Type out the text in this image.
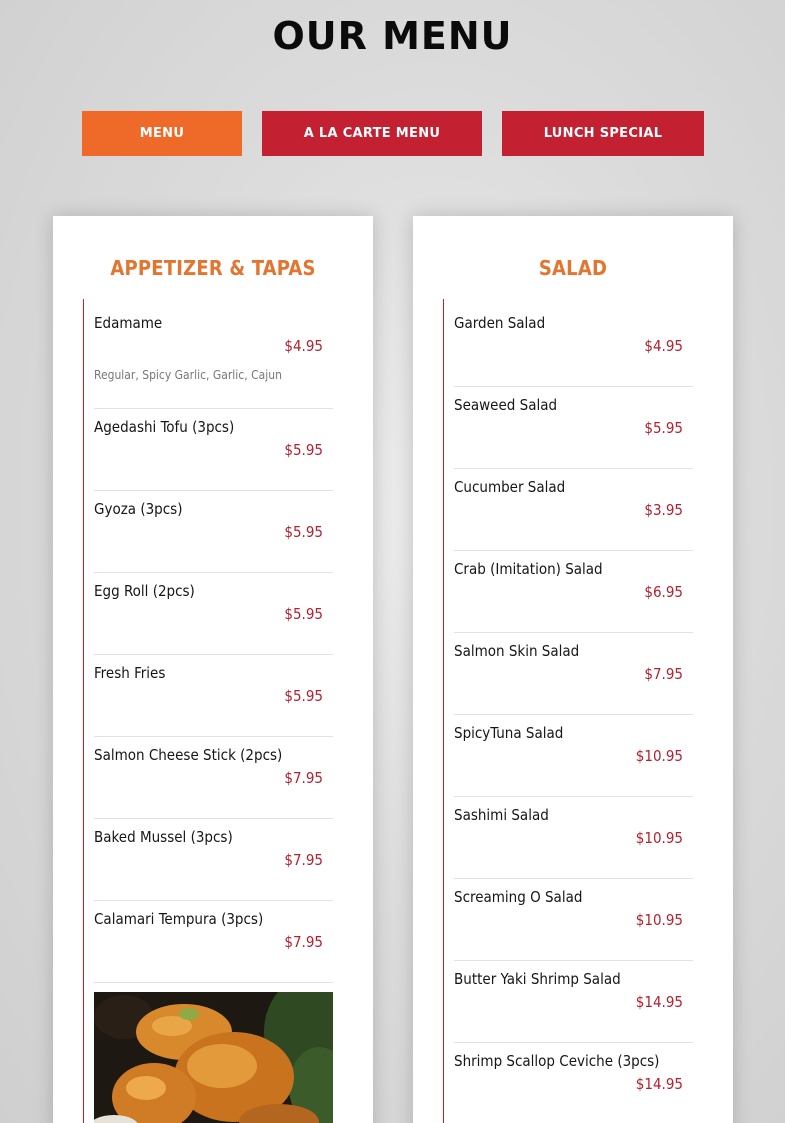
OUR MENU
MENU	A LA CARTE MENU	LUNCH SPECIAL
APPETIZER & TAPAS
Edamame
$4.95
Regular, Spicy Garlic, Garlic, Cajun
Agedashi Tofu (3pcs)
$5.95
Gyoza (3pcs)
$5.95
Egg Roll (2pcs)
$5.95
Fresh Fries
$5.95
Salmon Cheese Stick (2pcs)
$7.95
Baked Mussel (3pcs)
$7.95
Calamari Tempura (3pcs)
$7.95
SALAD
Garden Salad
$4.95
Seaweed Salad
$5.95
Cucumber Salad
$3.95
Crab (Imitation) Salad
$6.95
Salmon Skin Salad
$7.95
SpicyTuna Salad
$10.95
Sashimi Salad
$10.95
Screaming O Salad
$10.95
Butter Yaki Shrimp Salad
$14.95
Shrimp Scallop Ceviche (3pcs)
$14.95
